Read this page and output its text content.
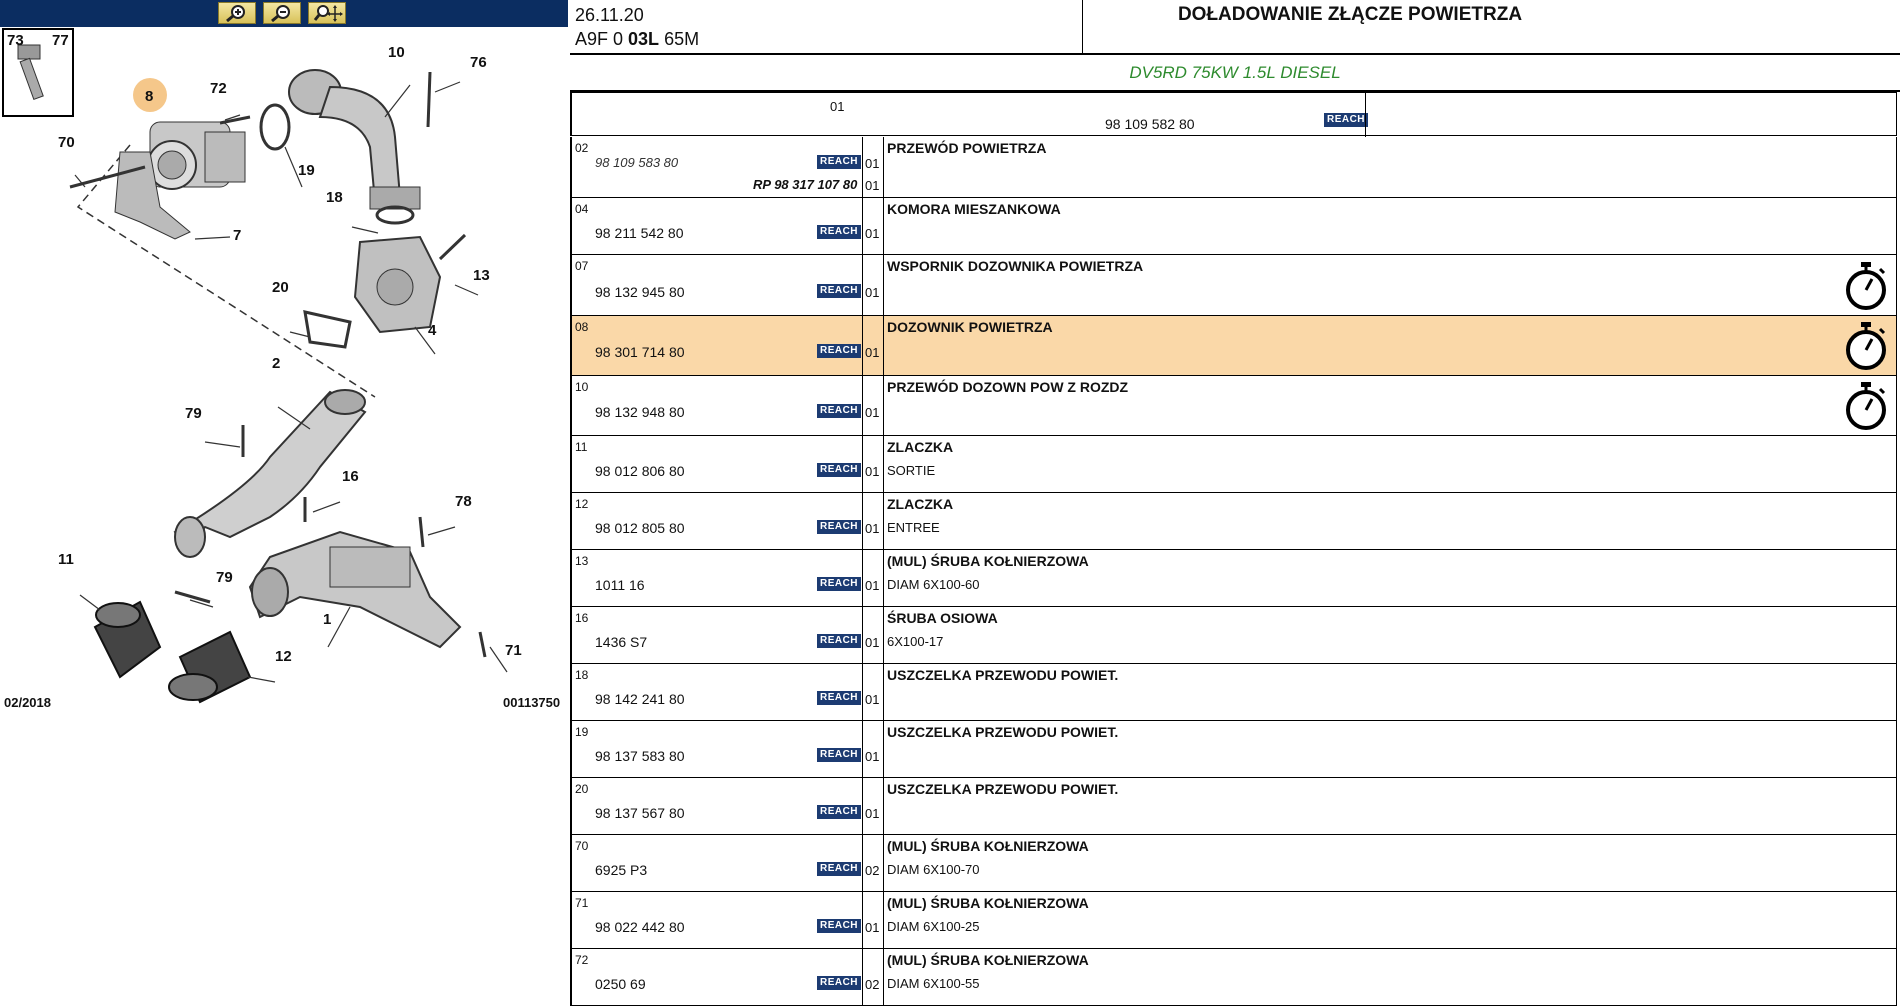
73 77
8	72
10
76
70
19
18
7
13
20
4
2
79
16
78
11
79
1
12	71
02/2018	00113750
26.11.20
A9F 0 03L 65M
DOŁADOWANIE ZŁĄCZE POWIETRZA
DV5RD 75KW 1.5L DIESEL
01
98 109 582 80	REACH
02
98 109 583 80	REACH 01
RP 98 317 107 80 01
PRZEWÓD POWIETRZA
04
98 211 542 80	REACH 01
KOMORA MIESZANKOWA
07
98 132 945 80	REACH 01
WSPORNIK DOZOWNIKA POWIETRZA
08
98 301 714 80	REACH 01
DOZOWNIK POWIETRZA
10
98 132 948 80	REACH 01
PRZEWÓD DOZOWN POW Z ROZDZ
11
98 012 806 80	REACH 01
ZLACZKA
SORTIE
12
98 012 805 80	REACH 01
ZLACZKA
ENTREE
13
1011 16	REACH 01
(MUL) ŚRUBA KOŁNIERZOWA
DIAM 6X100-60
16
1436 S7	REACH 01
ŚRUBA OSIOWA
6X100-17
18
98 142 241 80	REACH 01
USZCZELKA PRZEWODU POWIET.
19
98 137 583 80	REACH 01
USZCZELKA PRZEWODU POWIET.
20
98 137 567 80	REACH 01
USZCZELKA PRZEWODU POWIET.
70
6925 P3	REACH 02
(MUL) ŚRUBA KOŁNIERZOWA
DIAM 6X100-70
71
98 022 442 80	REACH 01
(MUL) ŚRUBA KOŁNIERZOWA
DIAM 6X100-25
72
0250 69	REACH 02
(MUL) ŚRUBA KOŁNIERZOWA
DIAM 6X100-55
